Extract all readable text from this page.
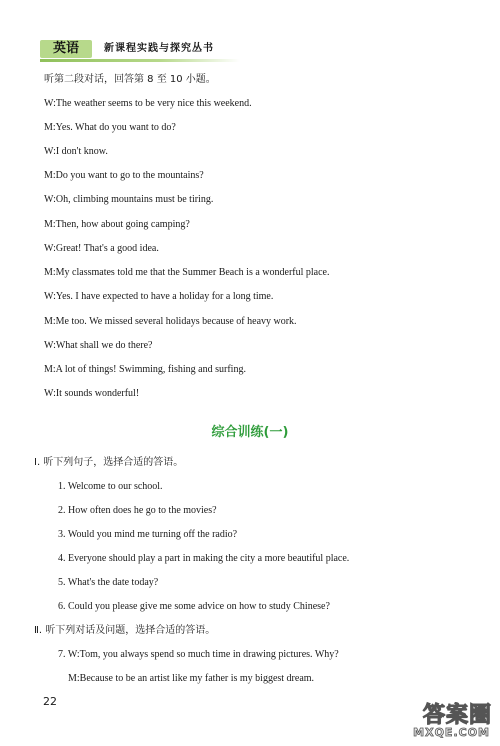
英语	新课程实践与探究丛书
听第二段对话，回答第 8 至 10 小题。
W:The weather seems to be very nice this weekend.
M:Yes. What do you want to do?
W:I don't know.
M:Do you want to go to the mountains?
W:Oh, climbing mountains must be tiring.
M:Then, how about going camping?
W:Great! That's a good idea.
M:My classmates told me that the Summer Beach is a wonderful place.
W:Yes. I have expected to have a holiday for a long time.
M:Me too. We missed several holidays because of heavy work.
W:What shall we do there?
M:A lot of things! Swimming, fishing and surfing.
W:It sounds wonderful!
综合训练(一)
Ⅰ. 听下列句子，选择合适的答语。
1. Welcome to our school.
2. How often does he go to the movies?
3. Would you mind me turning off the radio?
4. Everyone should play a part in making the city a more beautiful place.
5. What's the date today?
6. Could you please give me some advice on how to study Chinese?
Ⅱ. 听下列对话及问题，选择合适的答语。
7. W:Tom, you always spend so much time in drawing pictures. Why?
M:Because to be an artist like my father is my biggest dream.
22
答案圈
MXQE.COM
